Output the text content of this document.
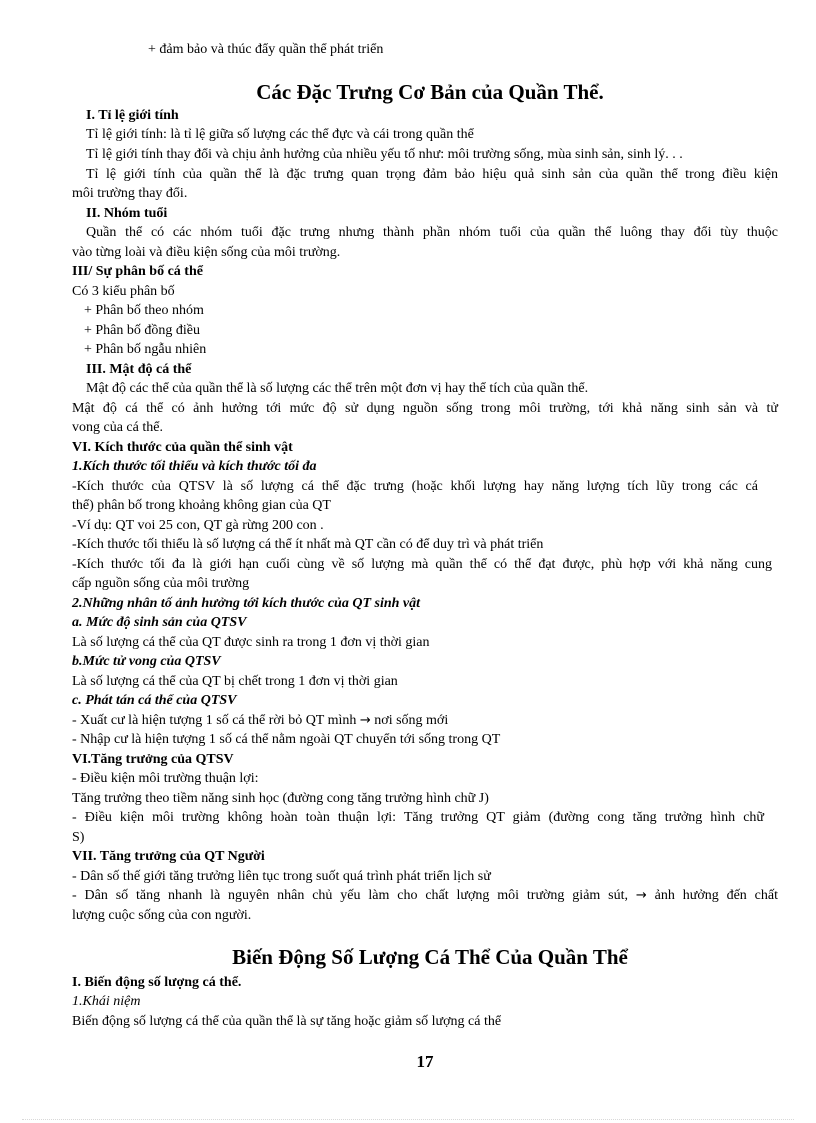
+ đảm bảo và thúc đẩy quần thể phát triển
Các Đặc Trưng Cơ Bản của Quần Thể.
I. Tỉ lệ giới tính
Tỉ lệ giới tính: là tỉ lệ giữa số lượng các thể đực và cái trong quần thể
Tỉ lệ giới tính thay đổi và chịu ảnh hưởng của nhiều yếu tố như: môi trường sống, mùa sinh sản, sinh lý. . .
Tỉ lệ giới tính của quần thể là đặc trưng quan trọng đảm bảo hiệu quả sinh sản của quần thể trong điều kiện
môi trường thay đổi.
II. Nhóm tuổi
Quần thể có các nhóm tuổi đặc trưng nhưng thành phần nhóm tuổi của quần thể luông thay đổi tùy thuộc
vào từng loài và điều kiện sống của môi trường.
III/ Sự phân bố cá thể
Có 3 kiểu phân bố
+ Phân bố theo nhóm
+ Phân bố đồng điều
+ Phân bố ngẫu nhiên
III. Mật độ cá thể
Mật độ các thể của quần thể là số lượng các thể trên một đơn vị hay thể tích của quần thể.
Mật độ cá thể có ảnh hưởng tới mức độ sử dụng nguồn sống trong môi trường, tới khả năng sinh sản và tử
vong của cá thể.
VI. Kích thước của quần thể sinh vật
1.Kích thước tối thiểu và kích thước tối đa
-Kích thước của QTSV là số lượng cá thể đặc trưng (hoặc khối lượng hay năng lượng tích lũy trong các cá
thể) phân bố trong khoảng không gian của QT
-Ví dụ: QT voi 25 con, QT gà rừng 200 con .
-Kích thước tối thiểu là số lượng cá thể ít nhất mà QT cần có để duy trì và phát triển
-Kích thước tối đa là giới hạn cuối cùng về số lượng mà quần thể có thể đạt được, phù hợp với khả năng cung
cấp nguồn sống của môi trường
2.Những nhân tố ảnh hưởng tới kích thước của QT sinh vật
a. Mức độ sinh sản của QTSV
Là số lượng cá thể của QT được sinh ra trong 1 đơn vị thời gian
b.Mức tử vong của QTSV
Là số lượng cá thể của QT bị chết trong 1 đơn vị thời gian
c. Phát tán cá thể của QTSV
- Xuất cư là hiện tượng 1 số cá thể rời bỏ QT mình → nơi sống mới
- Nhập cư là hiện tượng 1 số cá thể nằm ngoài QT chuyển tới sống trong QT
VI.Tăng trưởng của QTSV
- Điều kiện môi trường thuận lợi:
Tăng trưởng theo tiềm năng sinh học (đường cong tăng trưởng hình chữ J)
- Điều kiện môi trường không hoàn toàn thuận lợi: Tăng trưởng QT giảm (đường cong tăng trưởng hình chữ
S)
VII. Tăng trưởng của QT Người
- Dân số thế giới tăng trưởng liên tục trong suốt quá trình phát triển lịch sử
- Dân số tăng nhanh là nguyên nhân chủ yếu làm cho chất lượng môi trường giảm sút, → ảnh hưởng đến chất
lượng cuộc sống của con người.
Biến Động Số Lượng Cá Thể Của Quần Thể
I. Biến động số lượng cá thể.
1.Khái niệm
Biến động số lượng cá thể của quần thể là sự tăng hoặc giảm số lượng cá thể
17
